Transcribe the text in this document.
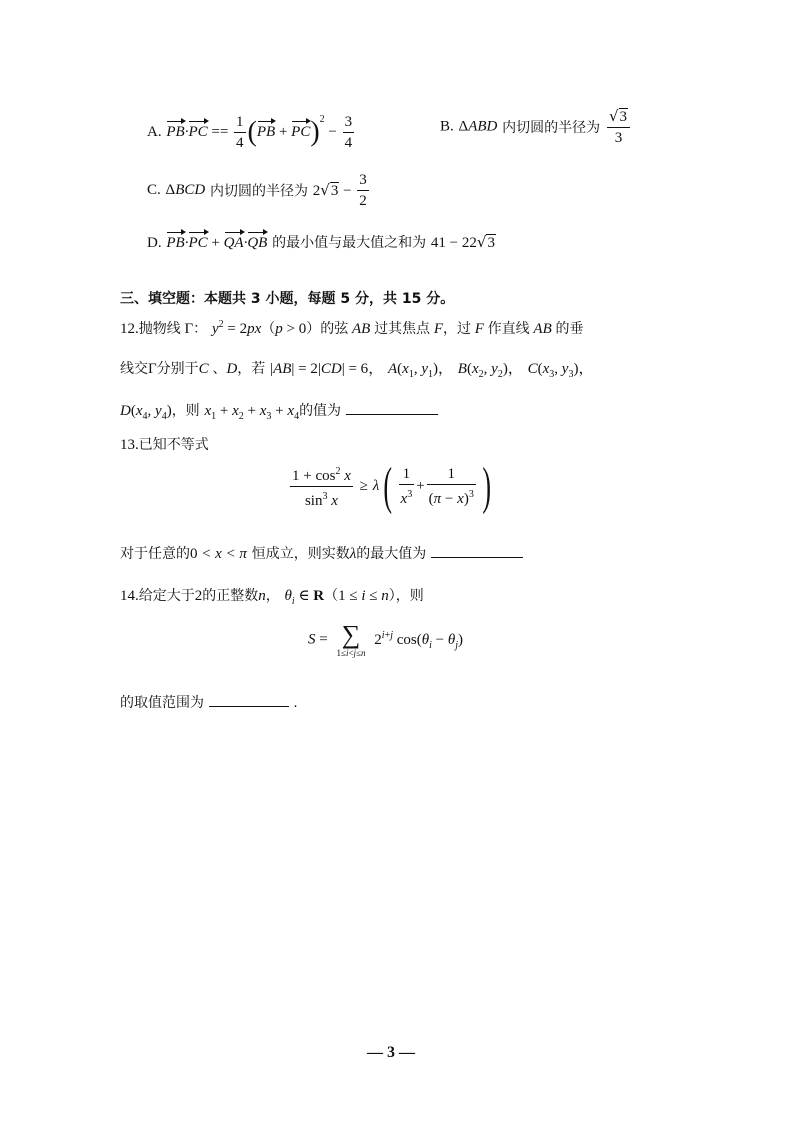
A. $PB\cdot PC == \frac{1}{4} (PB + PC)^2 - \frac{3}{4}$	B. ΔABD 内切圆的半径为 $\frac{√3}{3}$
C. ΔBCD 内切圆的半径为 $2√3 - \frac{3}{2}$
D. PB·PC + QA·QB 的最小值与最大值之和为 41 − 22√3
三、填空题：本题共 3 小题，每题 5 分，共 15 分。
12.抛物线 Γ： $y^2 = 2px(p > 0)$的弦 AB 过其焦点 F，过 F 作直线 AB 的垂
线交Γ分别于C 、D，若 |AB| = 2|CD| = 6， $A(x_1$, $y_1$)， $B(x_2$, $y_2$)， $C(x_3$, $y_3$)，
$D(x_4$, $y_4$)，则 $x_1 + x_2 + x_3 + x_4$的值为
13.已知不等式
$\frac{1 + \cos^2 x}{\sin^3 x} \ge \lambda( \frac{1}{x^3} + \frac{1}{(\pi - x)^3}$ )
对于任意的0 < x < π 恒成立，则实数λ的最大值为
14.给定大于2的正整数n， $\theta_i$ ∈ R（1 ≤ i ≤ n），则
S = ∑
1≤i<j≤n
$2^{i+j}$ $\cos(\theta_i - \theta_j)$
的取值范围为	.
— 3 —
